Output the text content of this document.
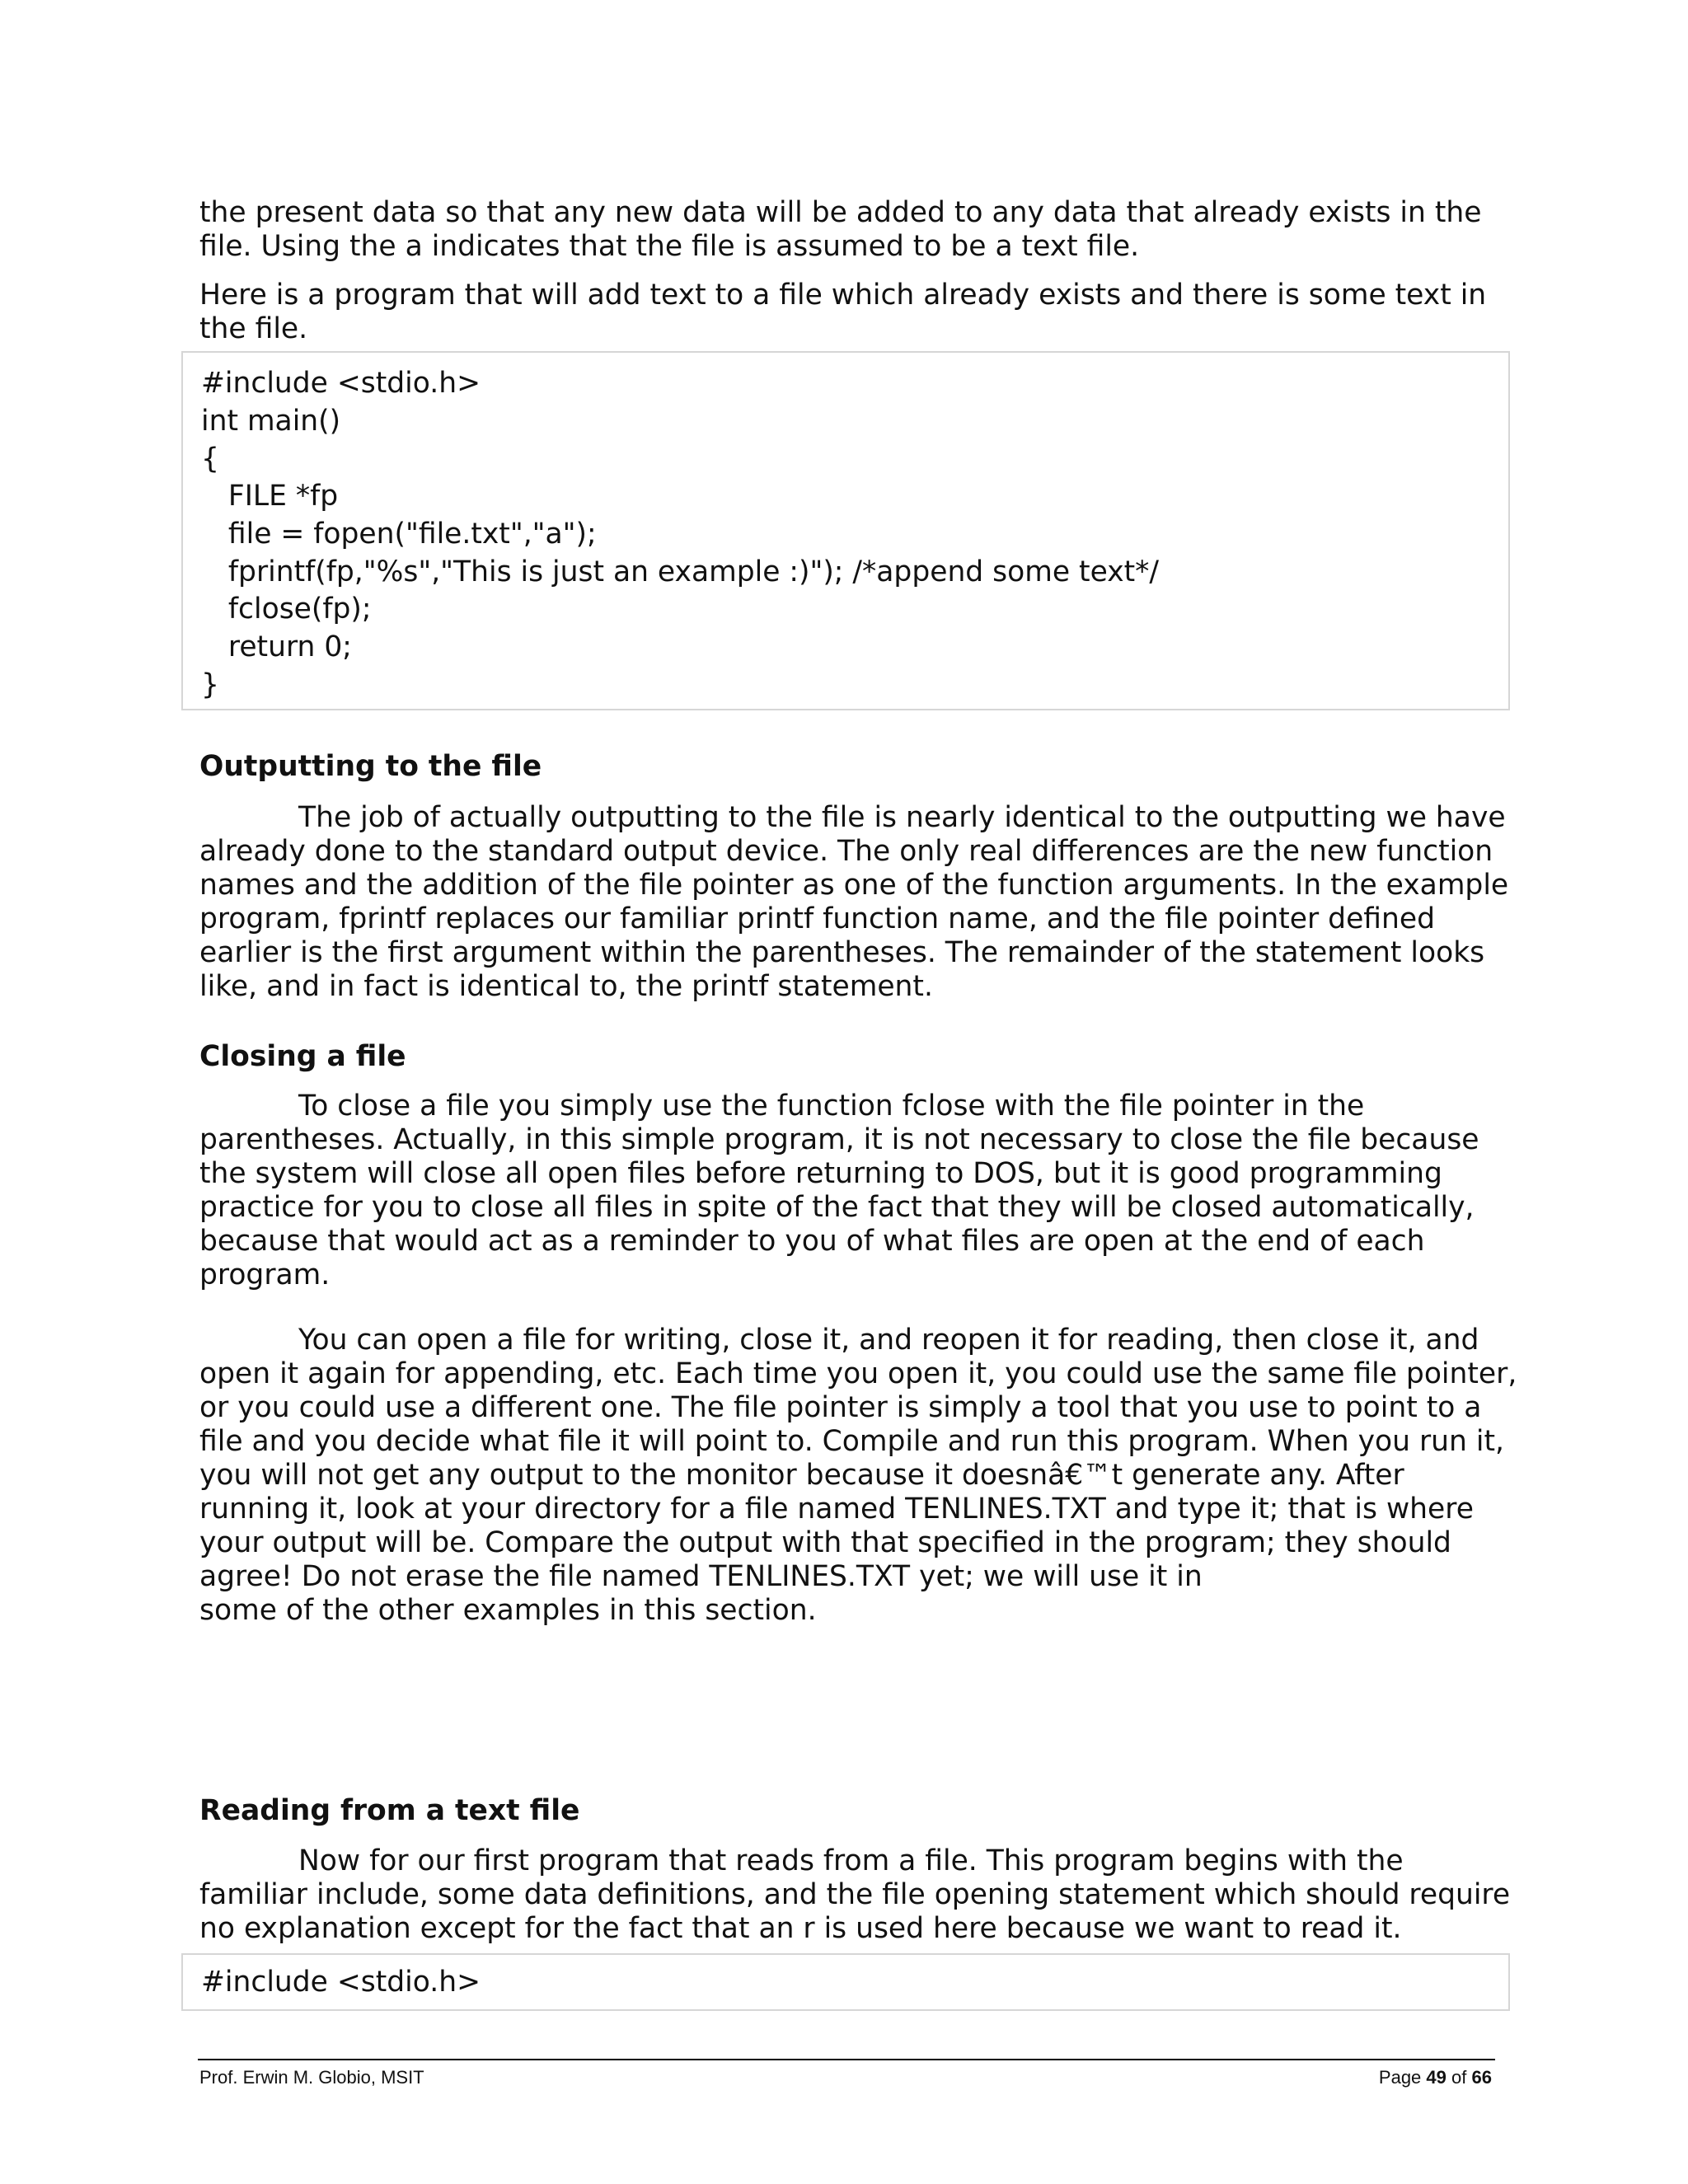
the present data so that any new data will be added to any data that already exists in the
file. Using the a indicates that the file is assumed to be a text file.

Here is a program that will add text to a file which already exists and there is some text in
the file.

#include <stdio.h>
int main()
{
FILE *fp
file = fopen("file.txt","a");
fprintf(fp,"%s","This is just an example :)"); /*append some text*/
fclose(fp);
return 0;
}
Outputting to the file

The job of actually outputting to the file is nearly identical to the outputting we have
already done to the standard output device. The only real differences are the new function
names and the addition of the file pointer as one of the function arguments. In the example
program, fprintf replaces our familiar printf function name, and the file pointer defined
earlier is the first argument within the parentheses. The remainder of the statement looks
like, and in fact is identical to, the printf statement.

Closing a file

To close a file you simply use the function fclose with the file pointer in the
parentheses. Actually, in this simple program, it is not necessary to close the file because
the system will close all open files before returning to DOS, but it is good programming
practice for you to close all files in spite of the fact that they will be closed automatically,
because that would act as a reminder to you of what files are open at the end of each
program.

You can open a file for writing, close it, and reopen it for reading, then close it, and
open it again for appending, etc. Each time you open it, you could use the same file pointer,
or you could use a different one. The file pointer is simply a tool that you use to point to a
file and you decide what file it will point to. Compile and run this program. When you run it,
you will not get any output to the monitor because it doesnâ€™t generate any. After
running it, look at your directory for a file named TENLINES.TXT and type it; that is where
your output will be. Compare the output with that specified in the program; they should
agree! Do not erase the file named TENLINES.TXT yet; we will use it in
some of the other examples in this section.

Reading from a text file

Now for our first program that reads from a file. This program begins with the
familiar include, some data definitions, and the file opening statement which should require
no explanation except for the fact that an r is used here because we want to read it.

#include <stdio.h>
Prof. Erwin M. Globio, MSIT	Page 49 of 66
